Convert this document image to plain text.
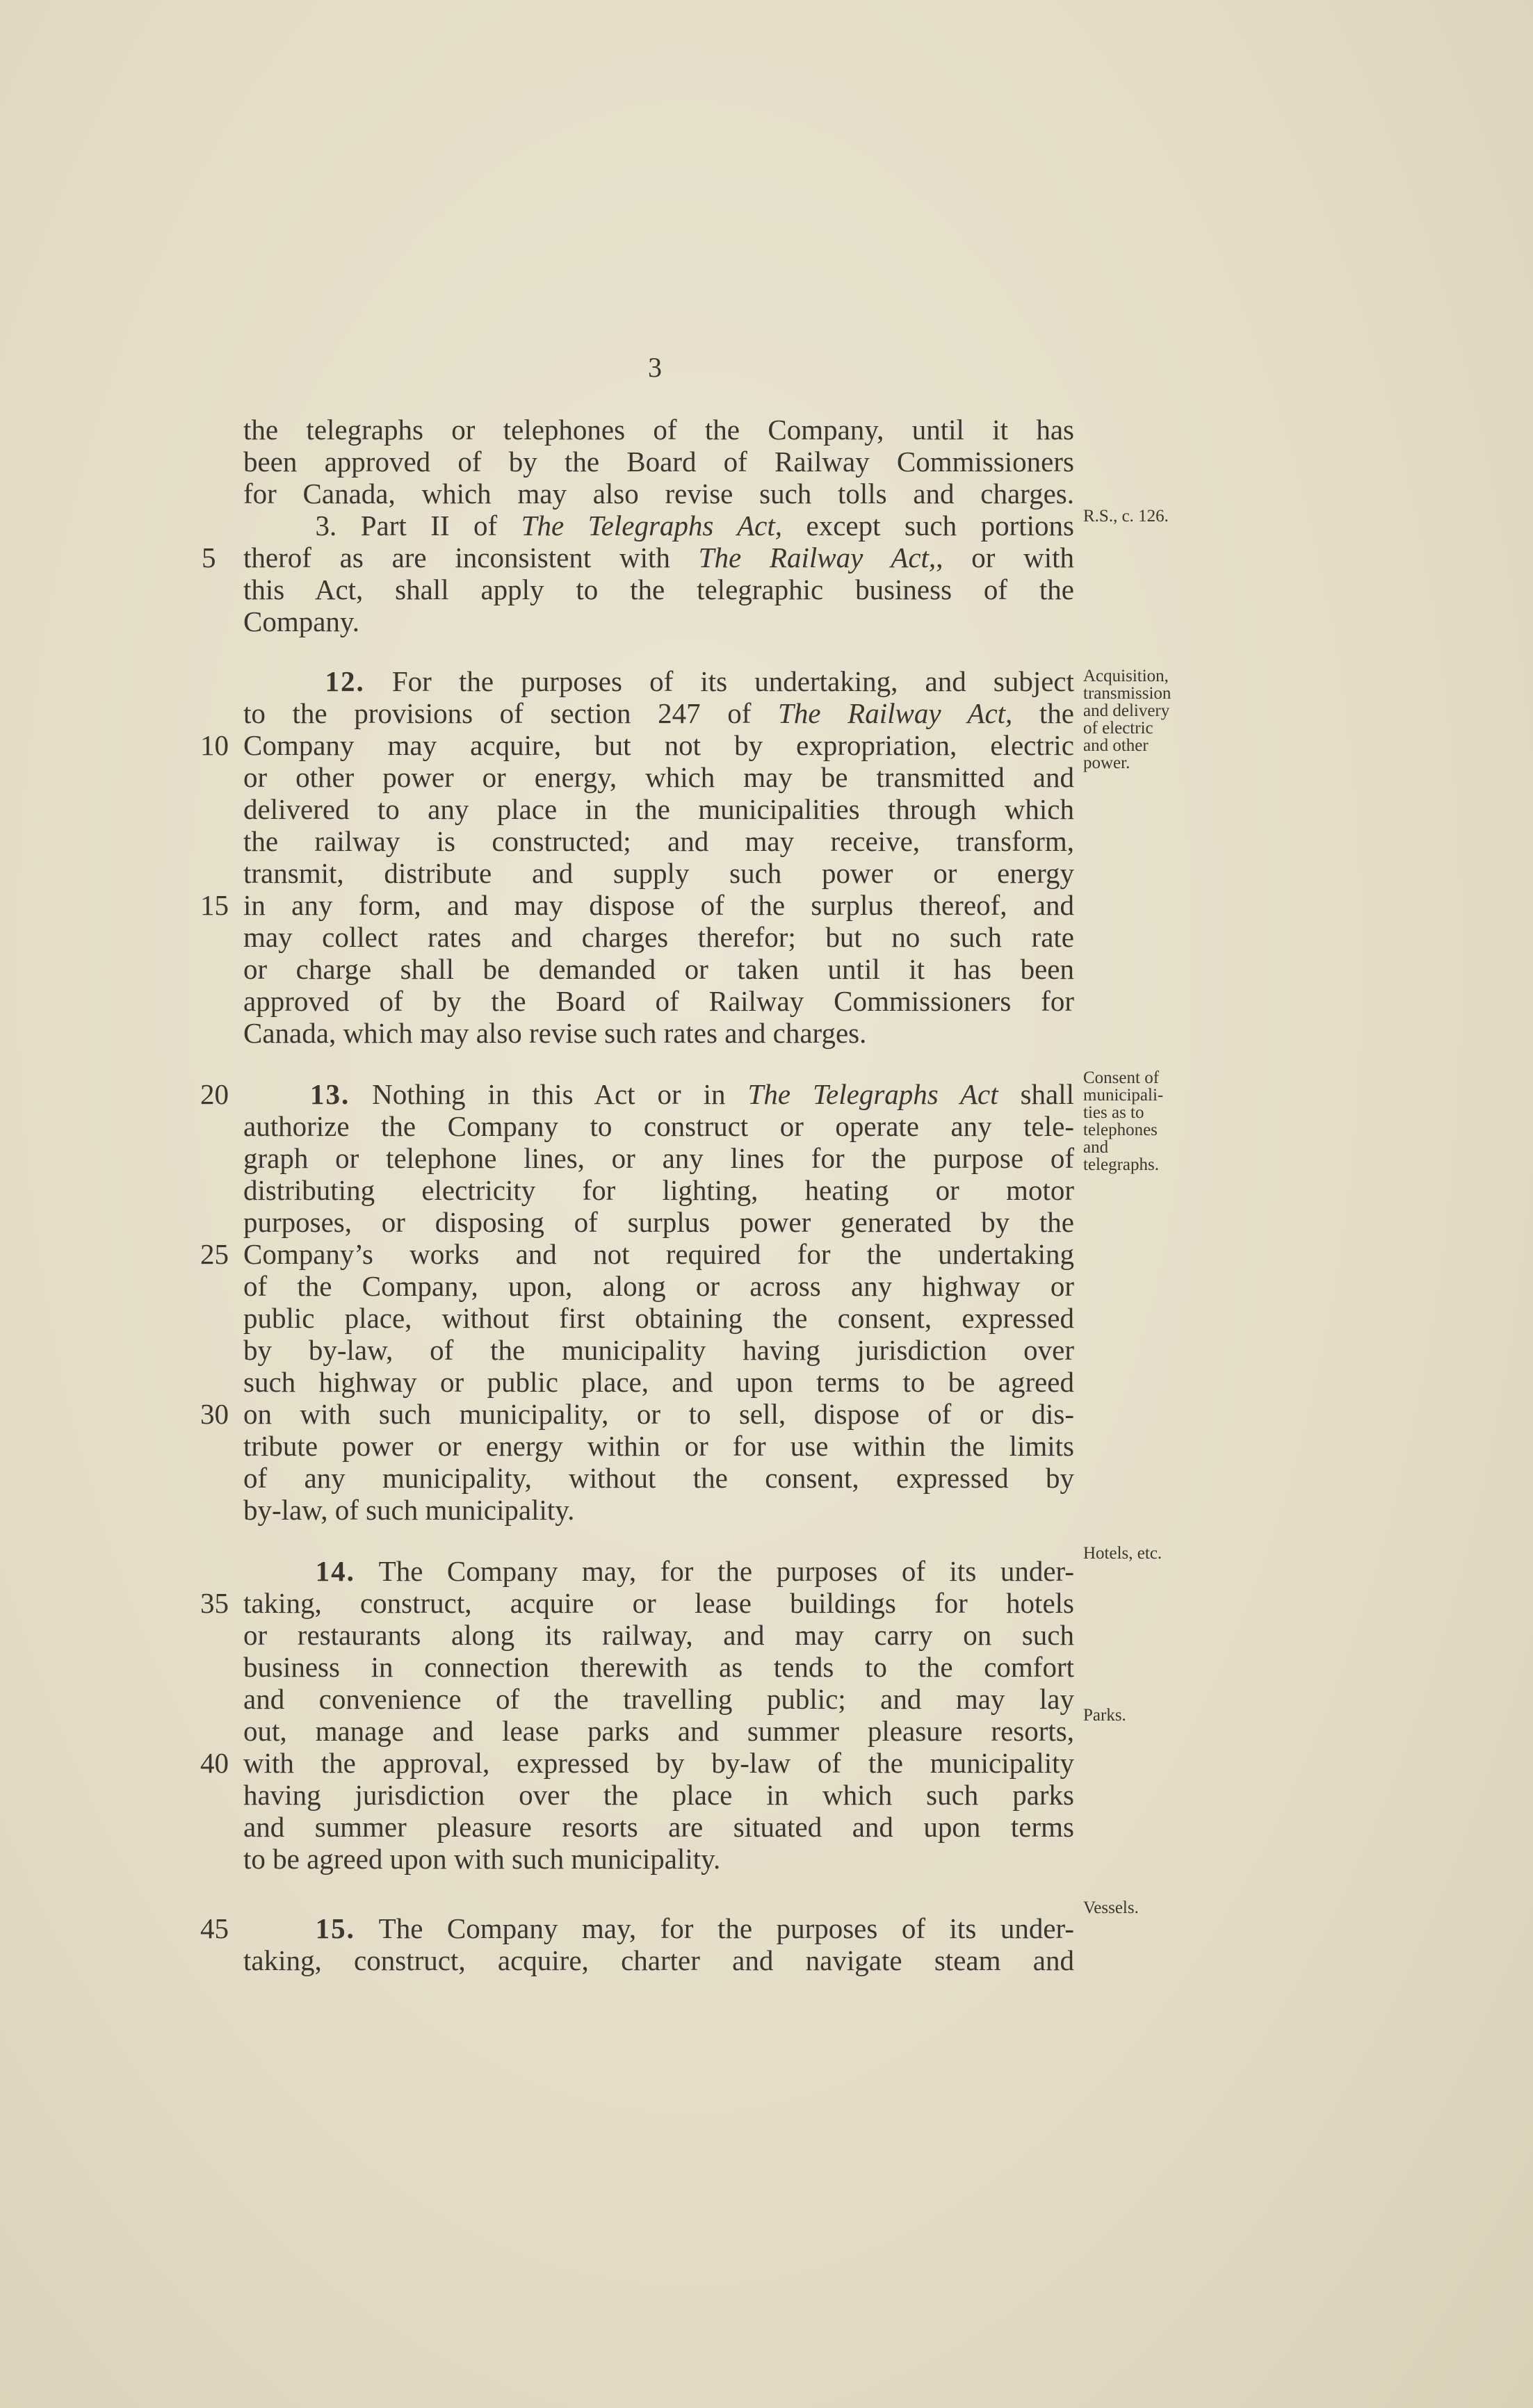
3
the telegraphs or telephones of the Company, until it has
been approved of by the Board of Railway Commissioners
for Canada, which may also revise such tolls and charges.
3. Part II of The Telegraphs Act, except such portions
therof as are inconsistent with The Railway Act,, or with
5
this Act, shall apply to the telegraphic business of the
Company.
12. For the purposes of its undertaking, and subject
to the provisions of section 247 of The Railway Act, the
Company may acquire, but not by expropriation, electric
10
or other power or energy, which may be transmitted and
delivered to any place in the municipalities through which
the railway is constructed; and may receive, transform,
transmit, distribute and supply such power or energy
in any form, and may dispose of the surplus thereof, and
15
may collect rates and charges therefor; but no such rate
or charge shall be demanded or taken until it has been
approved of by the Board of Railway Commissioners for
Canada, which may also revise such rates and charges.
13. Nothing in this Act or in The Telegraphs Act shall
20
authorize the Company to construct or operate any tele-
graph or telephone lines, or any lines for the purpose of
distributing electricity for lighting, heating or motor
purposes, or disposing of surplus power generated by the
Company’s works and not required for the undertaking
25
of the Company, upon, along or across any highway or
public place, without first obtaining the consent, expressed
by by-law, of the municipality having jurisdiction over
such highway or public place, and upon terms to be agreed
on with such municipality, or to sell, dispose of or dis-
30
tribute power or energy within or for use within the limits
of any municipality, without the consent, expressed by
by-law, of such municipality.
14. The Company may, for the purposes of its under-
taking, construct, acquire or lease buildings for hotels
35
or restaurants along its railway, and may carry on such
business in connection therewith as tends to the comfort
and convenience of the travelling public; and may lay
out, manage and lease parks and summer pleasure resorts,
with the approval, expressed by by-law of the municipality
40
having jurisdiction over the place in which such parks
and summer pleasure resorts are situated and upon terms
to be agreed upon with such municipality.
15. The Company may, for the purposes of its under-
45
taking, construct, acquire, charter and navigate steam and
R.S., c. 126.
Acquisition,
transmission
and delivery
of electric
and other
power.
Consent of
municipali-
ties as to
telephones
and
telegraphs.
Hotels, etc.
Parks.
Vessels.
